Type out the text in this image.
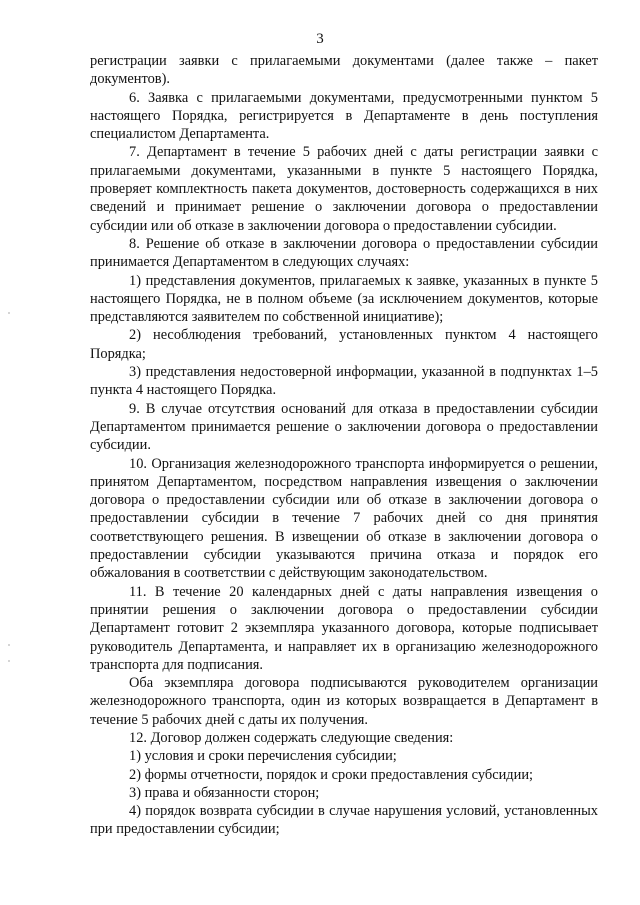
3

регистрации заявки с прилагаемыми документами (далее также – пакет документов).

6. Заявка с прилагаемыми документами, предусмотренными пунктом 5 настоящего Порядка, регистрируется в Департаменте в день поступления специалистом Департамента.

7. Департамент в течение 5 рабочих дней с даты регистрации заявки с прилагаемыми документами, указанными в пункте 5 настоящего Порядка, проверяет комплектность пакета документов, достоверность содержащихся в них сведений и принимает решение о заключении договора о предоставлении субсидии или об отказе в заключении договора о предоставлении субсидии.

8. Решение об отказе в заключении договора о предоставлении субсидии принимается Департаментом в следующих случаях:

1) представления документов, прилагаемых к заявке, указанных в пункте 5 настоящего Порядка, не в полном объеме (за исключением документов, которые представляются заявителем по собственной инициативе);

2) несоблюдения требований, установленных пунктом 4 настоящего Порядка;

3) представления недостоверной информации, указанной в подпунктах 1–5 пункта 4 настоящего Порядка.

9. В случае отсутствия оснований для отказа в предоставлении субсидии Департаментом принимается решение о заключении договора о предоставлении субсидии.

10. Организация железнодорожного транспорта информируется о решении, принятом Департаментом, посредством направления извещения о заключении договора о предоставлении субсидии или об отказе в заключении договора о предоставлении субсидии в течение 7 рабочих дней со дня принятия соответствующего решения. В извещении об отказе в заключении договора о предоставлении субсидии указываются причина отказа и порядок его обжалования в соответствии с действующим законодательством.

11. В течение 20 календарных дней с даты направления извещения о принятии решения о заключении договора о предоставлении субсидии Департамент готовит 2 экземпляра указанного договора, которые подписывает руководитель Департамента, и направляет их в организацию железнодорожного транспорта для подписания.

Оба экземпляра договора подписываются руководителем организации железнодорожного транспорта, один из которых возвращается в Департамент в течение 5 рабочих дней с даты их получения.

12. Договор должен содержать следующие сведения:

1) условия и сроки перечисления субсидии;

2) формы отчетности, порядок и сроки предоставления субсидии;

3) права и обязанности сторон;

4) порядок возврата субсидии в случае нарушения условий, установленных при предоставлении субсидии;
